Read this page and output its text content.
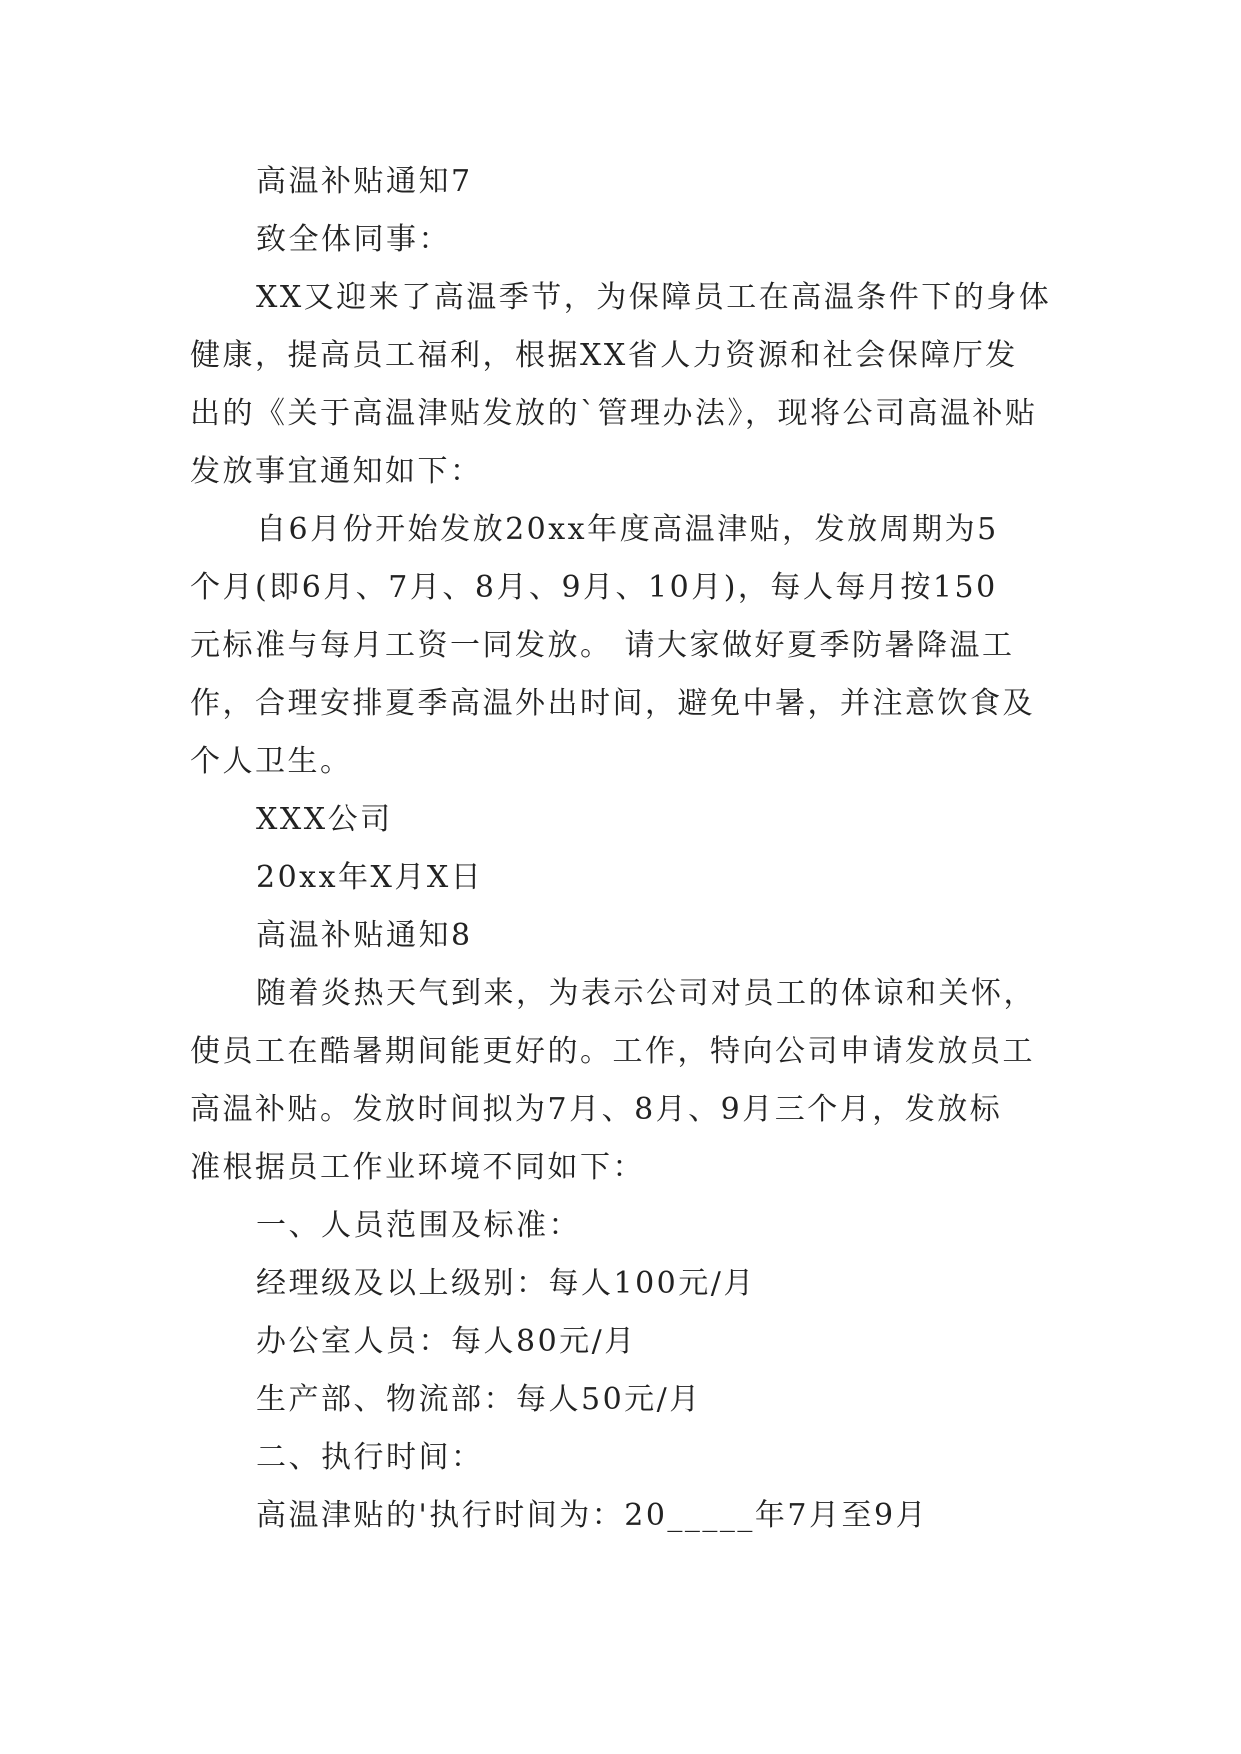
高温补贴通知7
致全体同事：
XX又迎来了高温季节，为保障员工在高温条件下的身体
健康，提高员工福利，根据XX省人力资源和社会保障厅发
出的《关于高温津贴发放的`管理办法》，现将公司高温补贴
发放事宜通知如下：
自6月份开始发放20xx年度高温津贴，发放周期为5
个月(即6月、7月、8月、9月、10月)，每人每月按150
元标准与每月工资一同发放。 请大家做好夏季防暑降温工
作，合理安排夏季高温外出时间，避免中暑，并注意饮食及
个人卫生。
XXX公司
20xx年X月X日
高温补贴通知8
随着炎热天气到来，为表示公司对员工的体谅和关怀，
使员工在酷暑期间能更好的。工作，特向公司申请发放员工
高温补贴。发放时间拟为7月、8月、9月三个月，发放标
准根据员工作业环境不同如下：
一、人员范围及标准：
经理级及以上级别：每人100元/月
办公室人员：每人80元/月
生产部、物流部：每人50元/月
二、执行时间：
高温津贴的'执行时间为：20_____年7月至9月
